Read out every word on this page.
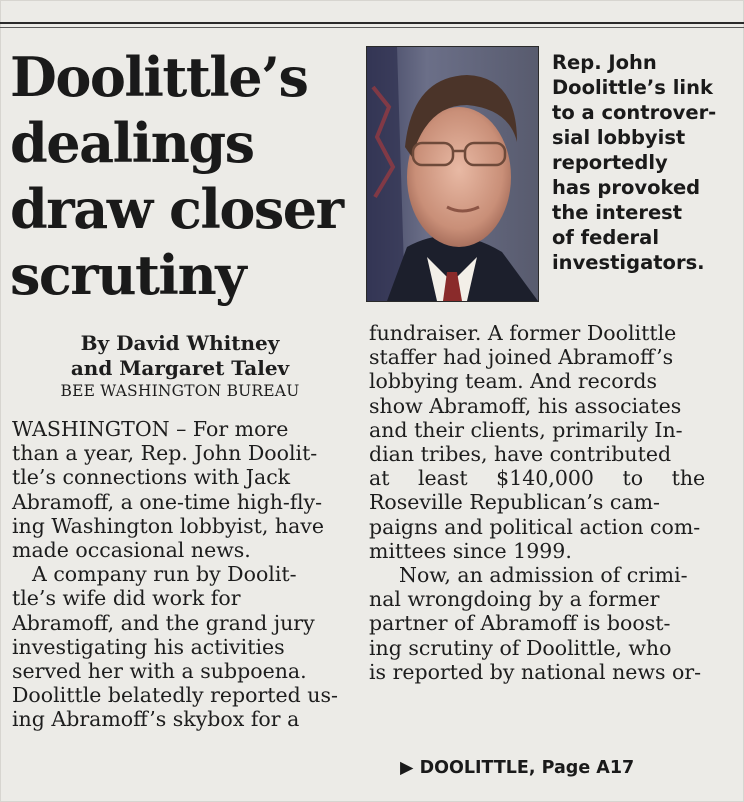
Doolittle’s
dealings
draw closer
scrutiny
Rep. John
Doolittle’s link
to a controver-
sial lobbyist
reportedly
has provoked
the interest
of federal
investigators.
By David Whitney
and Margaret Talev
BEE WASHINGTON BUREAU
WASHINGTON – For more
than a year, Rep. John Doolit-
tle’s connections with Jack
Abramoff, a one-time high-fly-
ing Washington lobbyist, have
made occasional news.
A company run by Doolit-
tle’s wife did work for
Abramoff, and the grand jury
investigating his activities
served her with a subpoena.
Doolittle belatedly reported us-
ing Abramoff’s skybox for a
fundraiser. A former Doolittle
staffer had joined Abramoff’s
lobbying team. And records
show Abramoff, his associates
and their clients, primarily In-
dian tribes, have contributed
at least $140,000 to the
Roseville Republican’s cam-
paigns and political action com-
mittees since 1999.
Now, an admission of crimi-
nal wrongdoing by a former
partner of Abramoff is boost-
ing scrutiny of Doolittle, who
is reported by national news or-
▶ DOOLITTLE, Page A17
